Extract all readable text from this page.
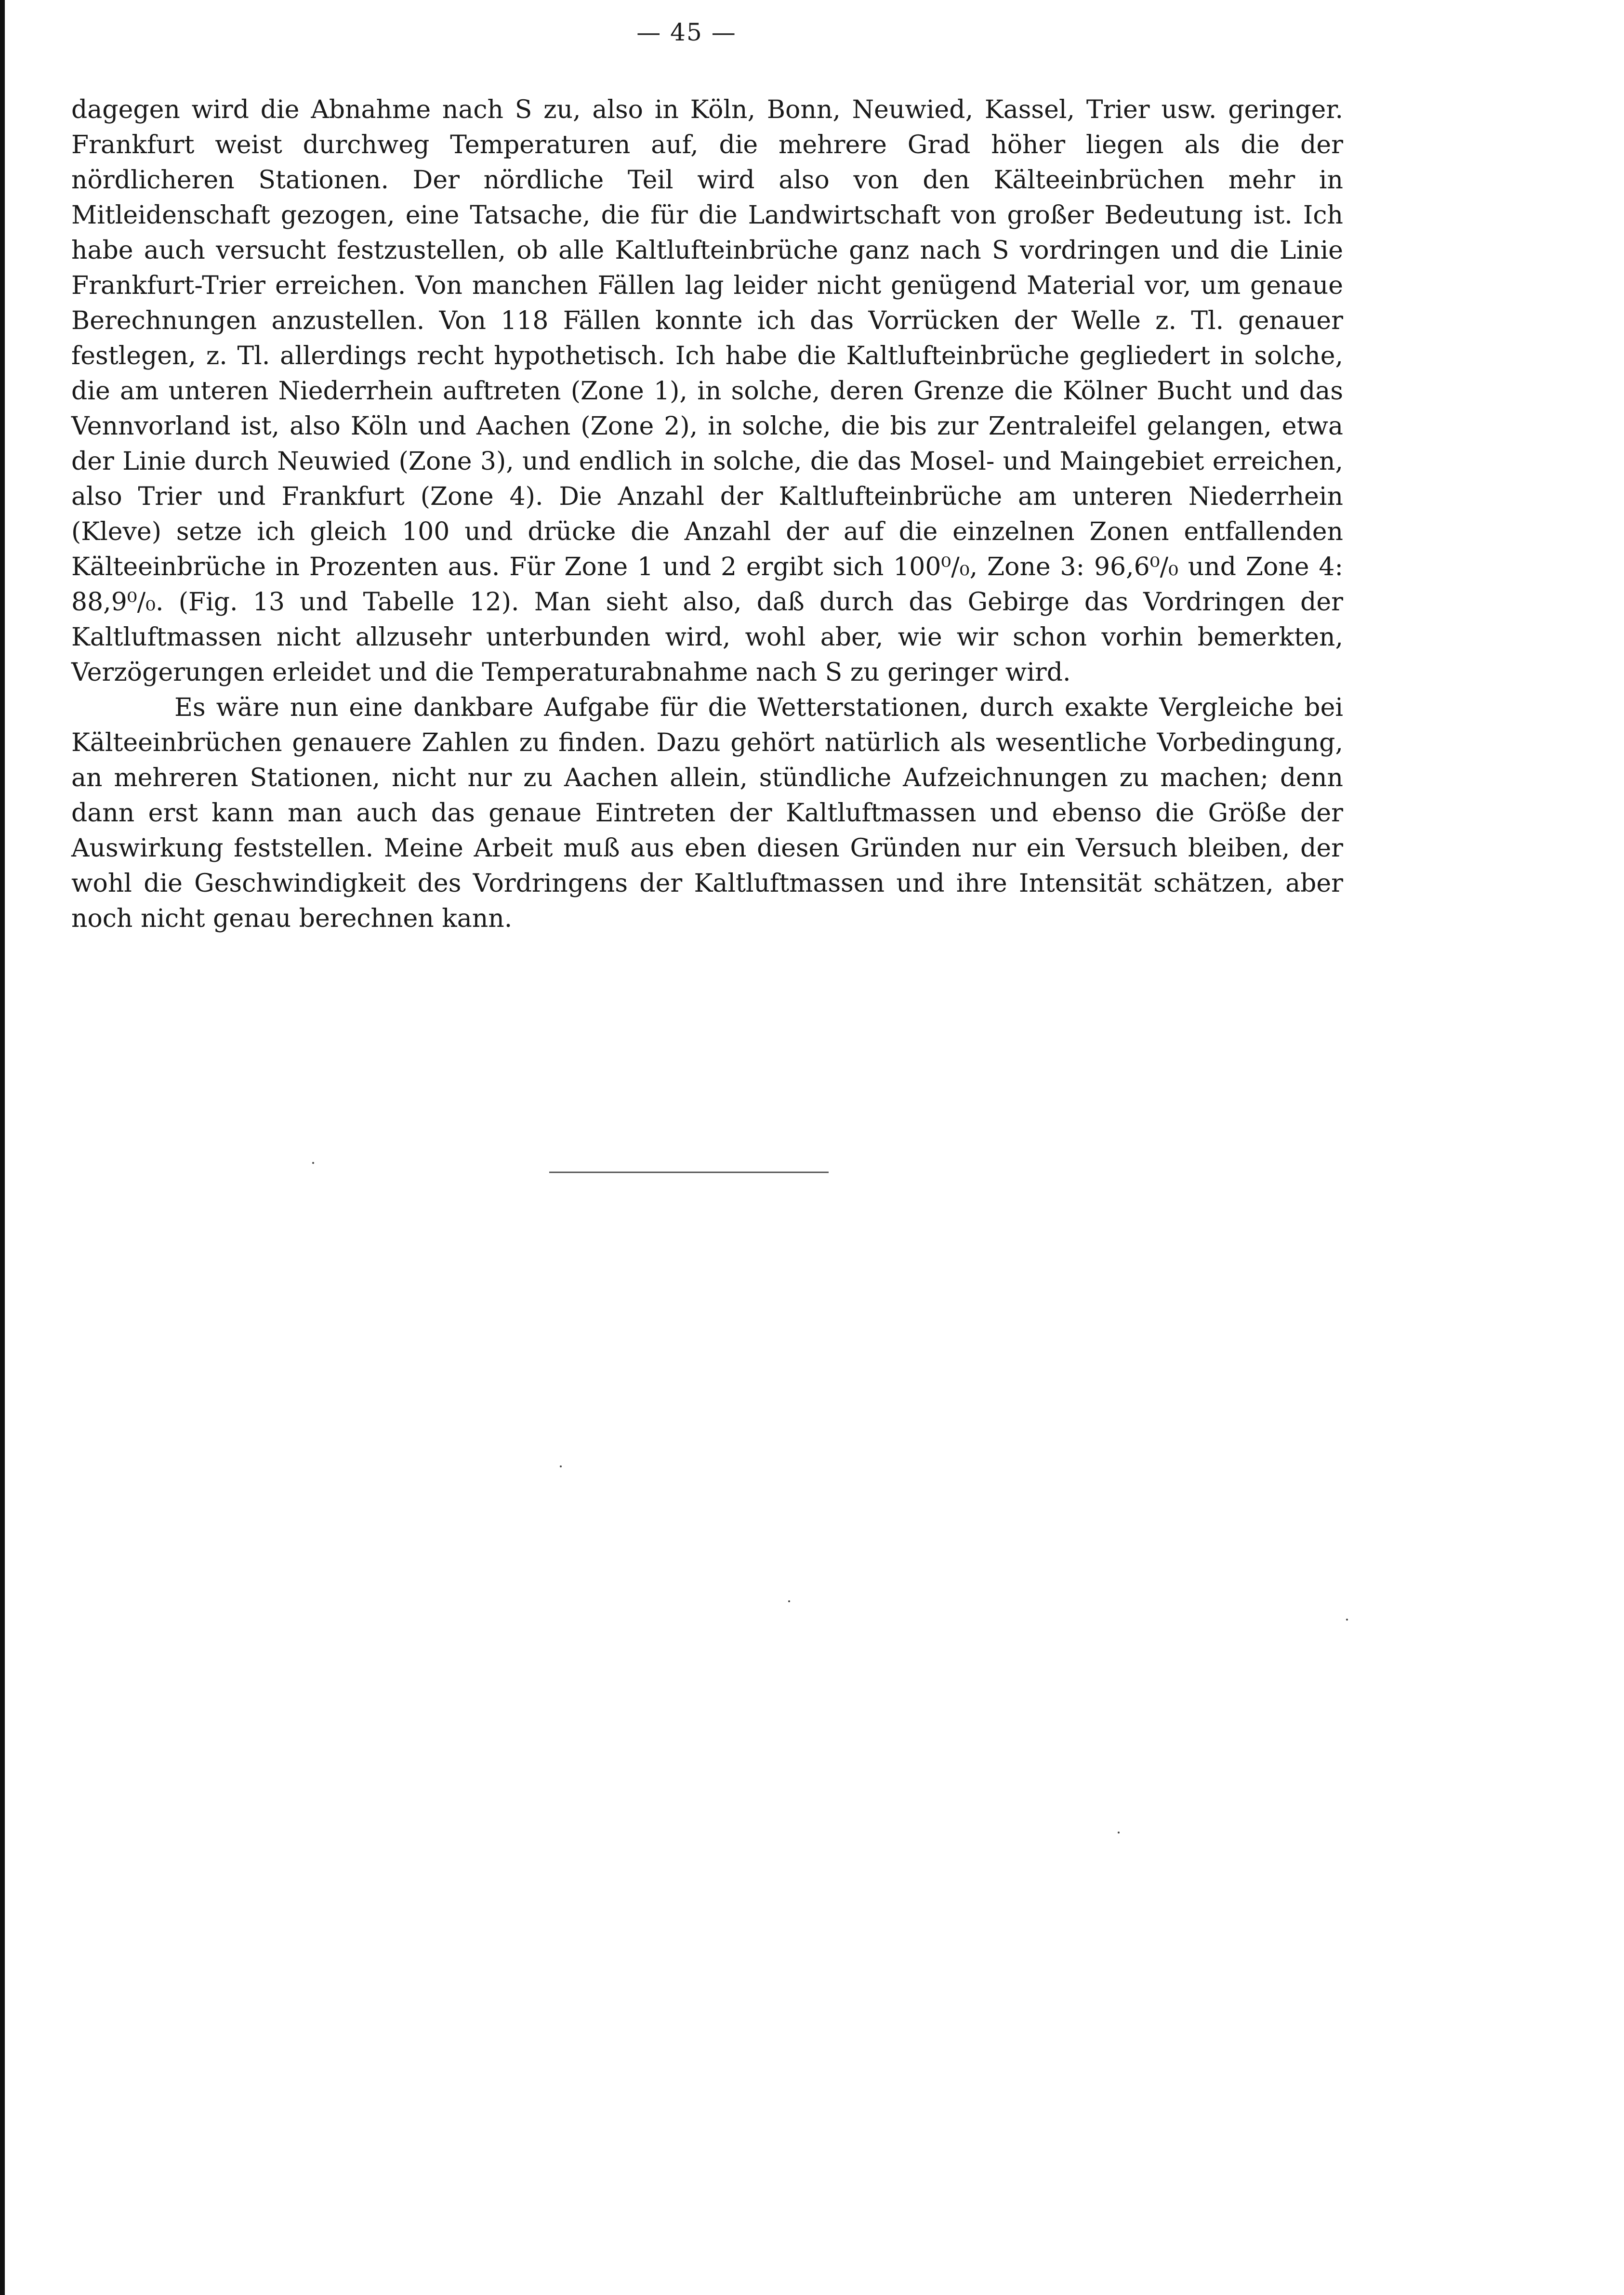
— 45 —

dagegen wird die Abnahme nach S zu, also in Köln, Bonn, Neuwied, Kassel, Trier usw. geringer. Frankfurt weist durchweg Temperaturen auf, die mehrere Grad höher liegen als die der nördlicheren Stationen. Der nördliche Teil wird also von den Kälteeinbrüchen mehr in Mitleidenschaft gezogen, eine Tatsache, die für die Landwirtschaft von großer Bedeutung ist. Ich habe auch versucht festzustellen, ob alle Kaltlufteinbrüche ganz nach S vordringen und die Linie Frankfurt-Trier erreichen. Von manchen Fällen lag leider nicht genügend Material vor, um genaue Berechnungen anzustellen. Von 118 Fällen konnte ich das Vorrücken der Welle z. Tl. genauer festlegen, z. Tl. allerdings recht hypothetisch. Ich habe die Kaltlufteinbrüche gegliedert in solche, die am unteren Niederrhein auftreten (Zone 1), in solche, deren Grenze die Kölner Bucht und das Vennvorland ist, also Köln und Aachen (Zone 2), in solche, die bis zur Zentraleifel gelangen, etwa der Linie durch Neuwied (Zone 3), und endlich in solche, die das Mosel- und Maingebiet erreichen, also Trier und Frankfurt (Zone 4). Die Anzahl der Kaltlufteinbrüche am unteren Niederrhein (Kleve) setze ich gleich 100 und drücke die Anzahl der auf die einzelnen Zonen entfallenden Kälteeinbrüche in Prozenten aus. Für Zone 1 und 2 ergibt sich 100⁰/₀, Zone 3: 96,6⁰/₀ und Zone 4: 88,9⁰/₀. (Fig. 13 und Tabelle 12). Man sieht also, daß durch das Gebirge das Vordringen der Kaltluftmassen nicht allzusehr unterbunden wird, wohl aber, wie wir schon vorhin bemerkten, Verzögerungen erleidet und die Temperaturabnahme nach S zu geringer wird.

Es wäre nun eine dankbare Aufgabe für die Wetterstationen, durch exakte Vergleiche bei Kälteeinbrüchen genauere Zahlen zu finden. Dazu gehört natürlich als wesentliche Vorbedingung, an mehreren Stationen, nicht nur zu Aachen allein, stündliche Aufzeichnungen zu machen; denn dann erst kann man auch das genaue Eintreten der Kaltluftmassen und ebenso die Größe der Auswirkung feststellen. Meine Arbeit muß aus eben diesen Gründen nur ein Versuch bleiben, der wohl die Geschwindigkeit des Vordringens der Kaltluftmassen und ihre Intensität schätzen, aber noch nicht genau berechnen kann.
